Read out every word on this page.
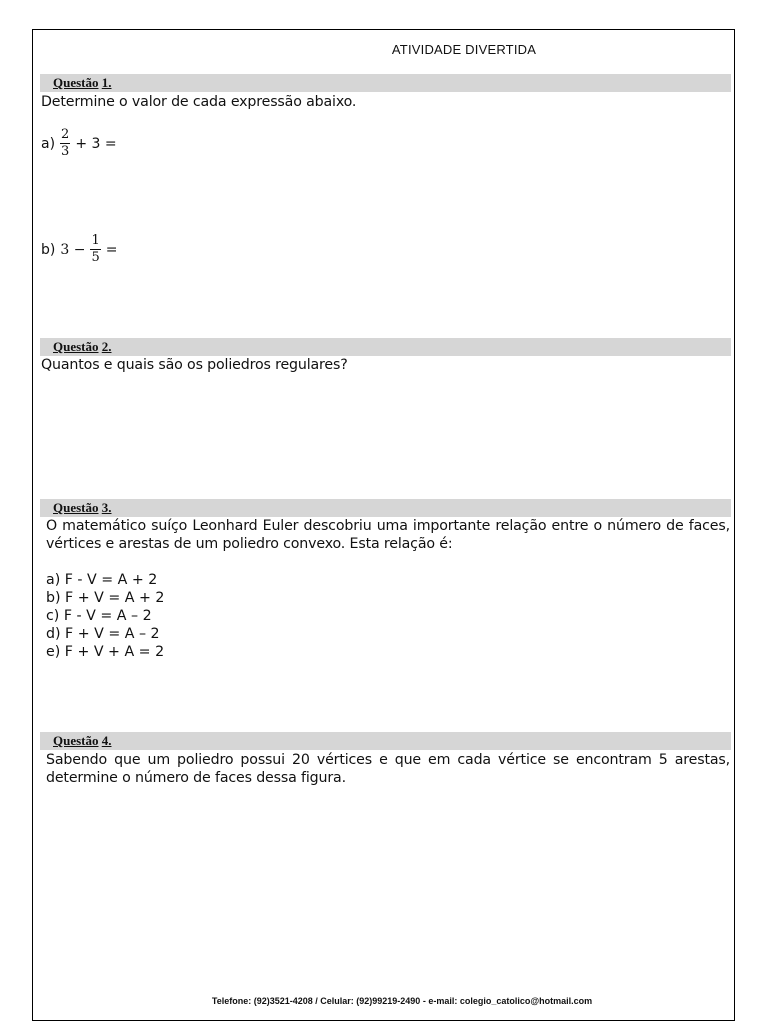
ATIVIDADE DIVERTIDA
Questão 1.
Determine o valor de cada expressão abaixo.
$a) \frac{2}{3} + 3$ =
b) $3 - \frac{1}{5}$ =
Questão 2.
Quantos e quais são os poliedros regulares?
Questão 3.
O matemático suíço Leonhard Euler descobriu uma importante relação entre o número de faces, vértices e arestas de um poliedro convexo. Esta relação é:
a) F - V = A + 2
b) F + V = A + 2
c) F - V = A – 2
d) F + V = A – 2
e) F + V + A = 2
Questão 4.
Sabendo que um poliedro possui 20 vértices e que em cada vértice se encontram 5 arestas, determine o número de faces dessa figura.
Telefone: (92)3521-4208 / Celular: (92)99219-2490 - e-mail: colegio_catolico@hotmail.com
